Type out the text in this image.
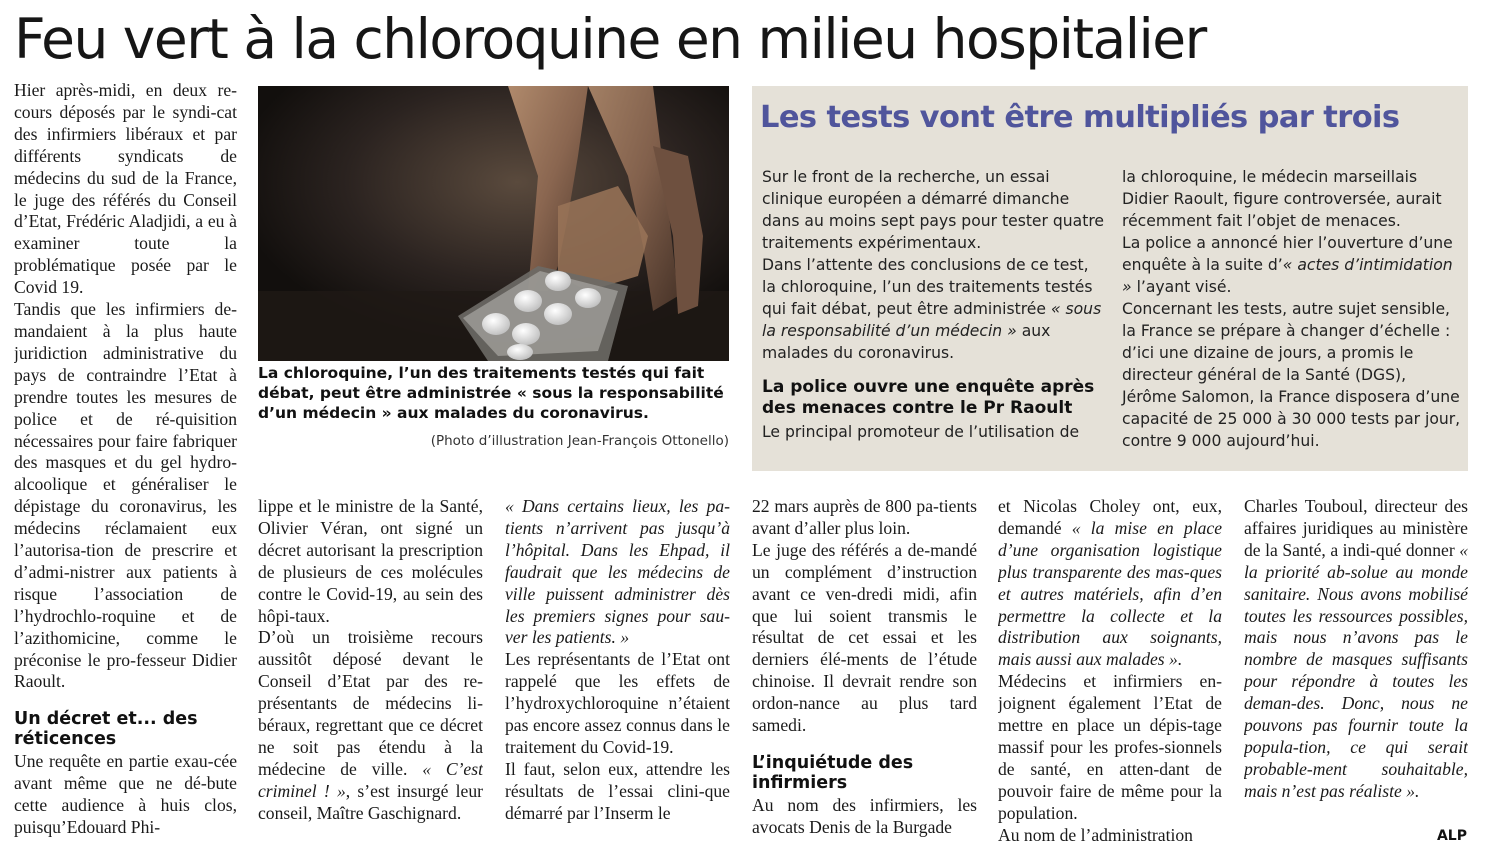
Feu vert à la chloroquine en milieu hospitalier

Hier après-midi, en deux re-cours déposés par le syndi-cat des infirmiers libéraux et par différents syndicats de médecins du sud de la France, le juge des référés du Conseil d’Etat, Frédéric Aladjidi, a eu à examiner toute la problématique posée par le Covid 19.

Tandis que les infirmiers de-mandaient à la plus haute juridiction administrative du pays de contraindre l’Etat à prendre toutes les mesures de police et de ré-quisition nécessaires pour faire fabriquer des masques et du gel hydro-alcoolique et généraliser le dépistage du coronavirus, les médecins réclamaient eux l’autorisa-tion de prescrire et d’admi-nistrer aux patients à risque l’association de l’hydrochlo-roquine et de l’azithomicine, comme le préconise le pro-fesseur Didier Raoult.

Un décret et... des réticences

Une requête en partie exau-cée avant même que ne dé-bute cette audience à huis clos, puisqu’Edouard Phi-

La chloroquine, l’un des traitements testés qui fait débat, peut être administrée « sous la responsabilité d’un médecin » aux malades du coronavirus.
(Photo d’illustration Jean-François Ottonello)
Les tests vont être multipliés par trois

Sur le front de la recherche, un essai clinique européen a démarré dimanche dans au moins sept pays pour tester quatre traitements expérimentaux.

Dans l’attente des conclusions de ce test, la chloroquine, l’un des traitements testés qui fait débat, peut être administrée « sous la responsabilité d’un médecin » aux malades du coronavirus.

La police ouvre une enquête après des menaces contre le Pr Raoult

Le principal promoteur de l’utilisation de

la chloroquine, le médecin marseillais Didier Raoult, figure controversée, aurait récemment fait l’objet de menaces.

La police a annoncé hier l’ouverture d’une enquête à la suite d’« actes d’intimidation » l’ayant visé.

Concernant les tests, autre sujet sensible, la France se prépare à changer d’échelle : d’ici une dizaine de jours, a promis le directeur général de la Santé (DGS), Jérôme Salomon, la France disposera d’une capacité de 25 000 à 30 000 tests par jour, contre 9 000 aujourd’hui.

lippe et le ministre de la Santé, Olivier Véran, ont signé un décret autorisant la prescription de plusieurs de ces molécules contre le Covid-19, au sein des hôpi-taux.

D’où un troisième recours aussitôt déposé devant le Conseil d’Etat par des re-présentants de médecins li-béraux, regrettant que ce décret ne soit pas étendu à la médecine de ville. « C’est criminel ! », s’est insurgé leur conseil, Maître Gaschignard.

« Dans certains lieux, les pa-tients n’arrivent pas jusqu’à l’hôpital. Dans les Ehpad, il faudrait que les médecins de ville puissent administrer dès les premiers signes pour sau-ver les patients. »

Les représentants de l’Etat ont rappelé que les effets de l’hydroxychloroquine n’étaient pas encore assez connus dans le traitement du Covid-19.

Il faut, selon eux, attendre les résultats de l’essai clini-que démarré par l’Inserm le

22 mars auprès de 800 pa-tients avant d’aller plus loin.

Le juge des référés a de-mandé un complément d’instruction avant ce ven-dredi midi, afin que lui soient transmis le résultat de cet essai et les derniers élé-ments de l’étude chinoise. Il devrait rendre son ordon-nance au plus tard samedi.

L’inquiétude des infirmiers

Au nom des infirmiers, les avocats Denis de la Burgade

et Nicolas Choley ont, eux, demandé « la mise en place d’une organisation logistique plus transparente des mas-ques et autres matériels, afin d’en permettre la collecte et la distribution aux soignants, mais aussi aux malades ».

Médecins et infirmiers en-joignent également l’Etat de mettre en place un dépis-tage massif pour les profes-sionnels de santé, en atten-dant de pouvoir faire de même pour la population.

Au nom de l’administration

Charles Touboul, directeur des affaires juridiques au ministère de la Santé, a indi-qué donner « la priorité ab-solue au monde sanitaire. Nous avons mobilisé toutes les ressources possibles, mais nous n’avons pas le nombre de masques suffisants pour répondre à toutes les deman-des. Donc, nous ne pouvons pas fournir toute la popula-tion, ce qui serait probable-ment souhaitable, mais n’est pas réaliste ».

ALP
